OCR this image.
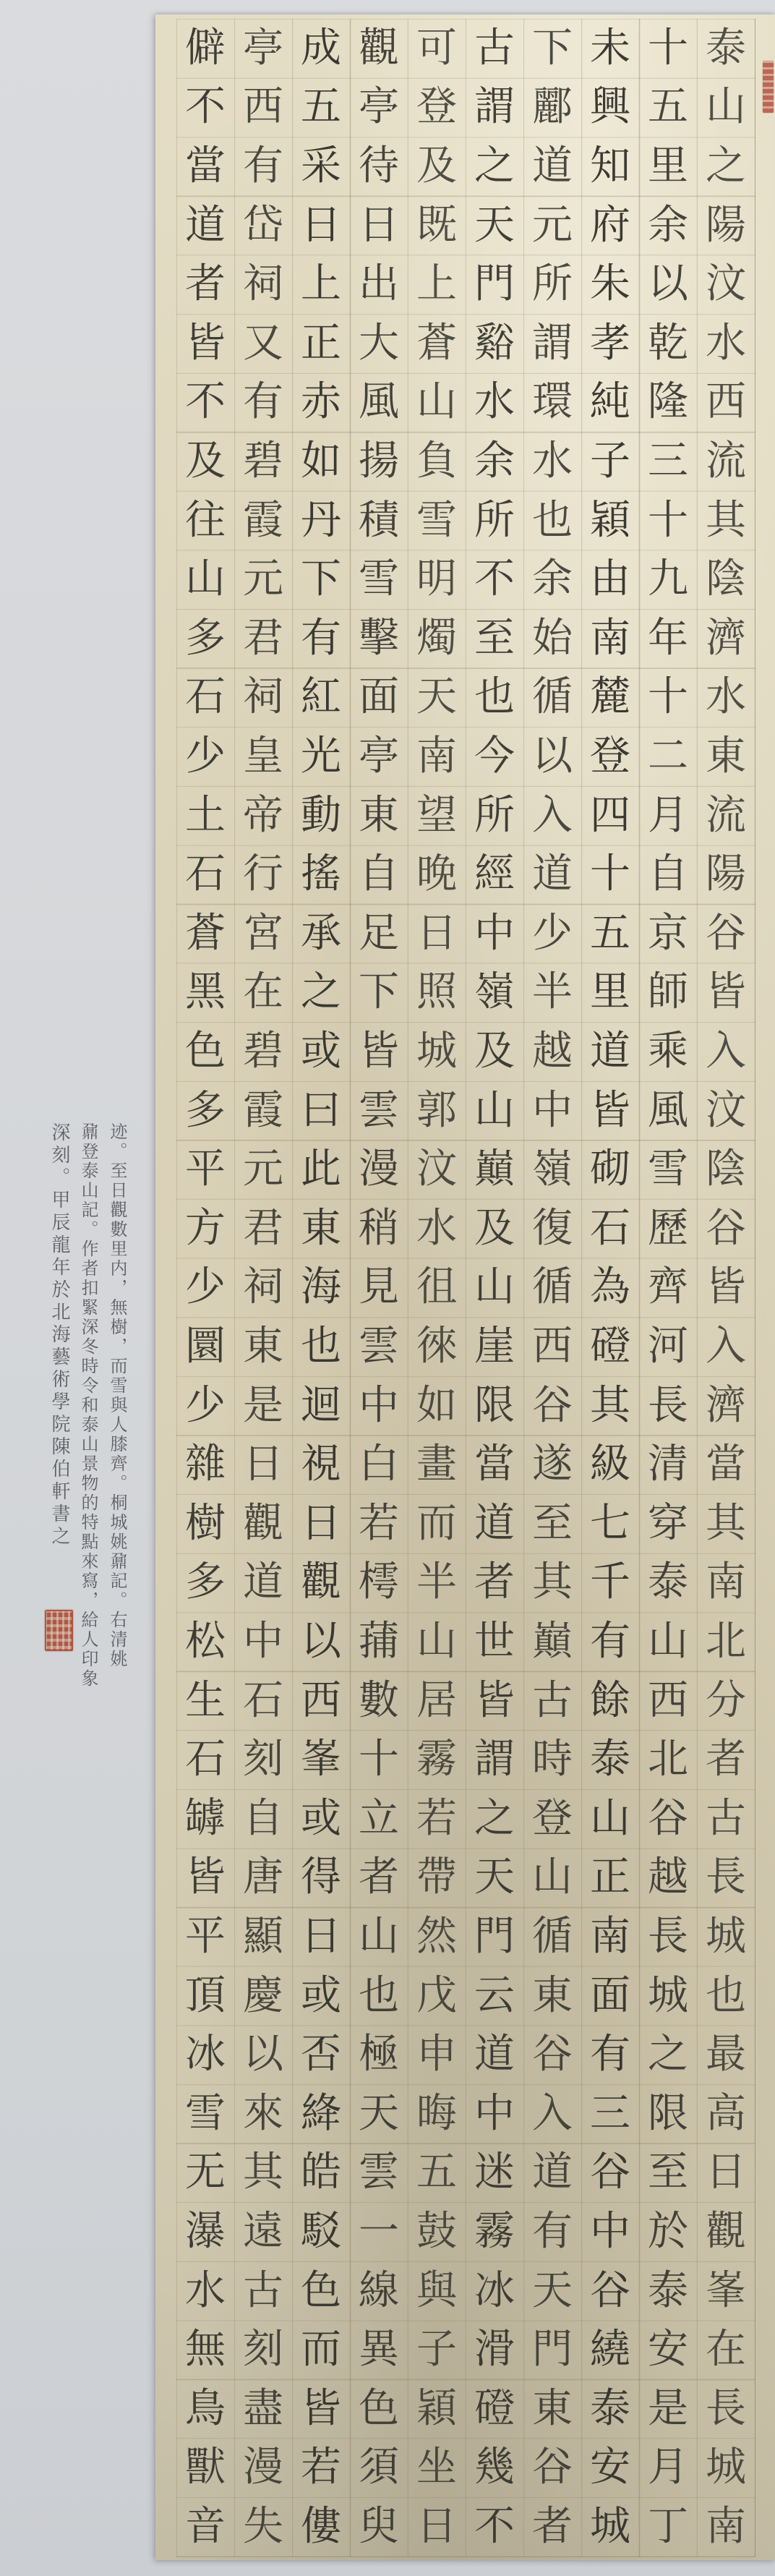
泰
山
之
陽
汶
水
西
流
其
陰
濟
水
東
流
陽
谷
皆
入
汶
陰
谷
皆
入
濟
當
其
南
北
分
者
古
長
城
也
最
高
日
觀
峯
在
長
城
南
十
五
里
余
以
乾
隆
三
十
九
年
十
二
月
自
京
師
乘
風
雪
歷
齊
河
長
清
穿
泰
山
西
北
谷
越
長
城
之
限
至
於
泰
安
是
月
丁
未
興
知
府
朱
孝
純
子
穎
由
南
麓
登
四
十
五
里
道
皆
砌
石
為
磴
其
級
七
千
有
餘
泰
山
正
南
面
有
三
谷
中
谷
繞
泰
安
城
下
酈
道
元
所
謂
環
水
也
余
始
循
以
入
道
少
半
越
中
嶺
復
循
西
谷
遂
至
其
巔
古
時
登
山
循
東
谷
入
道
有
天
門
東
谷
者
古
謂
之
天
門
谿
水
余
所
不
至
也
今
所
經
中
嶺
及
山
巔
及
山
崖
限
當
道
者
世
皆
謂
之
天
門
云
道
中
迷
霧
冰
滑
磴
幾
不
可
登
及
既
上
蒼
山
負
雪
明
燭
天
南
望
晚
日
照
城
郭
汶
水
徂
徠
如
畫
而
半
山
居
霧
若
帶
然
戊
申
晦
五
鼓
與
子
穎
坐
日
觀
亭
待
日
出
大
風
揚
積
雪
擊
面
亭
東
自
足
下
皆
雲
漫
稍
見
雲
中
白
若
樗
蒱
數
十
立
者
山
也
極
天
雲
一
線
異
色
須
臾
成
五
采
日
上
正
赤
如
丹
下
有
紅
光
動
搖
承
之
或
曰
此
東
海
也
迴
視
日
觀
以
西
峯
或
得
日
或
否
絳
皓
駁
色
而
皆
若
僂
亭
西
有
岱
祠
又
有
碧
霞
元
君
祠
皇
帝
行
宮
在
碧
霞
元
君
祠
東
是
日
觀
道
中
石
刻
自
唐
顯
慶
以
來
其
遠
古
刻
盡
漫
失
僻
不
當
道
者
皆
不
及
往
山
多
石
少
土
石
蒼
黑
色
多
平
方
少
圜
少
雜
樹
多
松
生
石
罅
皆
平
頂
冰
雪
无
瀑
水
無
鳥
獸
音

迹。至日觀數里内，無樹，而雪與人膝齊。桐城姚鼐記。右清姚

鼐登泰山記。作者扣緊深冬時令和泰山景物的特點來寫，給人印象

深刻。甲辰龍年於北海藝術學院陳伯軒書之
